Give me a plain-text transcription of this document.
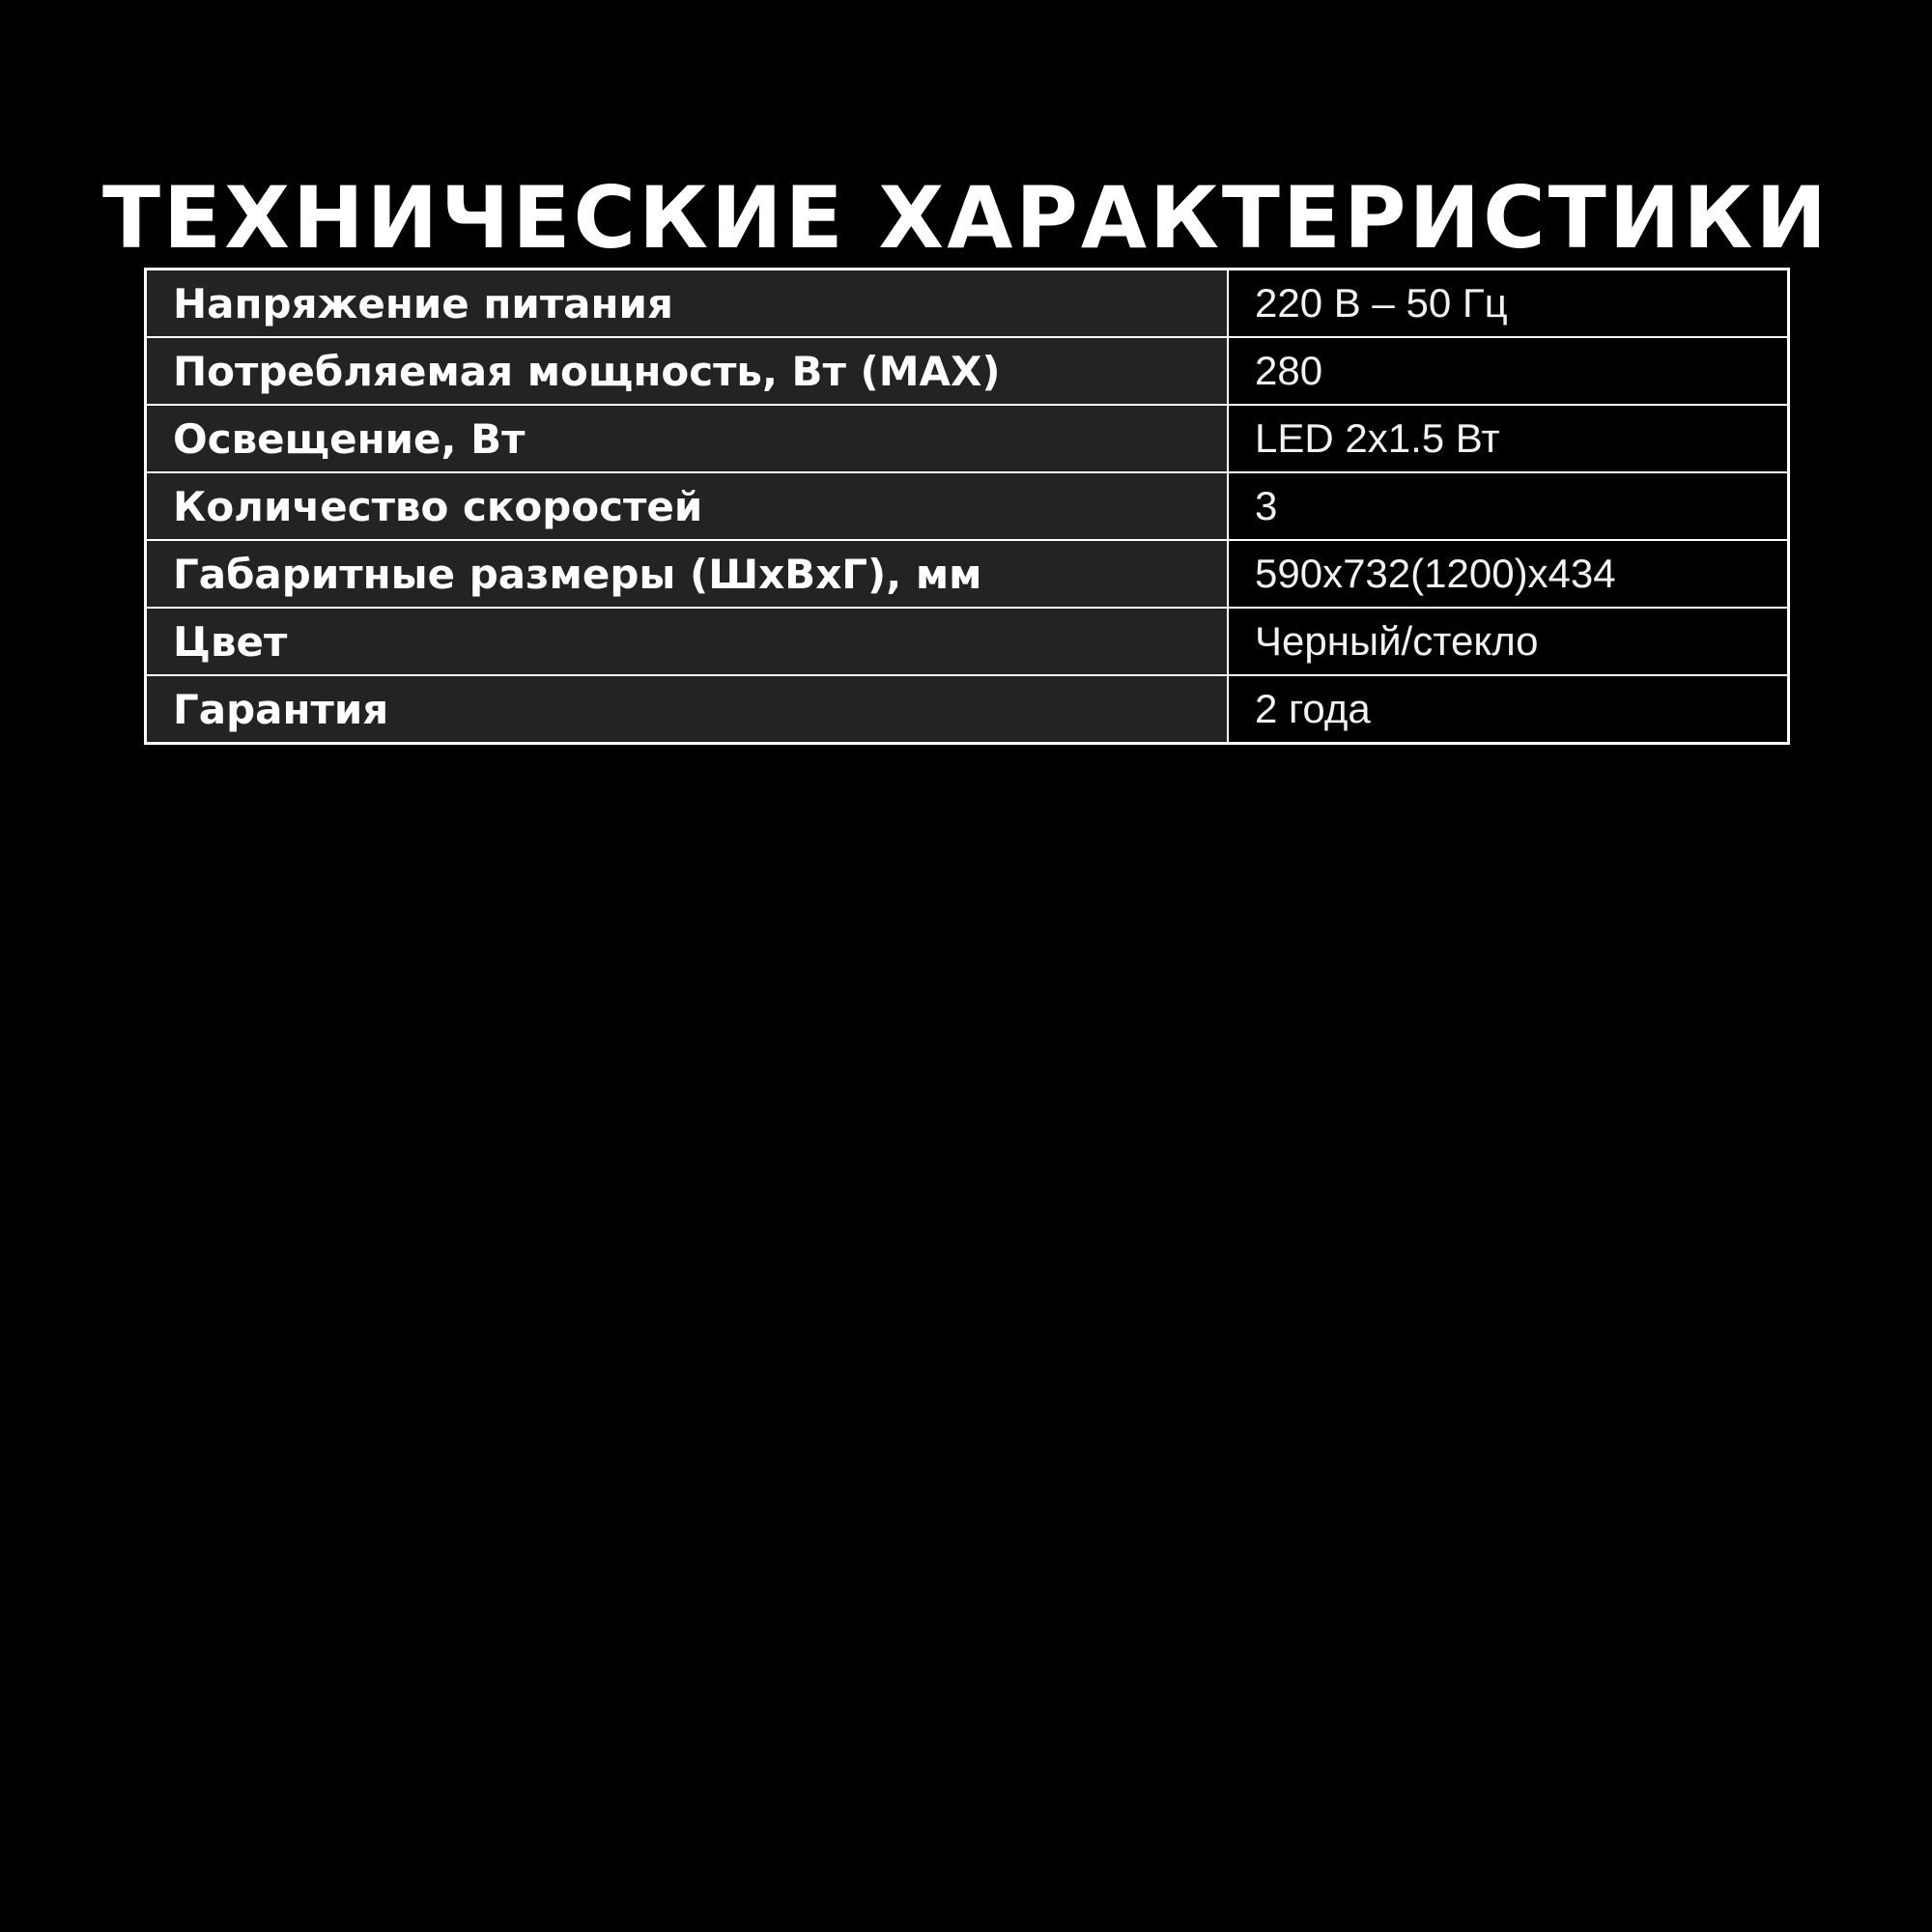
ТЕХНИЧЕСКИЕ ХАРАКТЕРИСТИКИ
Напряжение питания	220 В – 50 Гц
Потребляемая мощность, Вт (MAX)	280
Освещение, Вт	LED 2x1.5 Вт
Количество скоростей	3
Габаритные размеры (ШхВхГ), мм	590x732(1200)x434
Цвет	Черный/стекло
Гарантия	2 года
